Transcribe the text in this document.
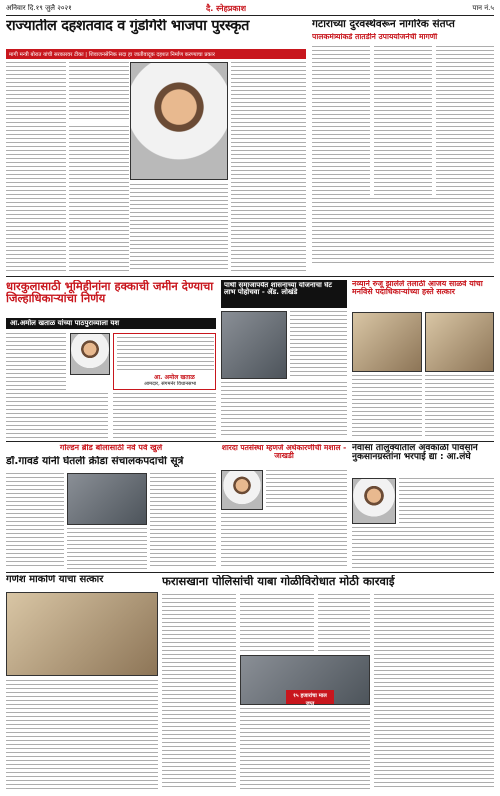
अनिवार दि.१९ जुलै २०२१	दै. स्नेहप्रकाश	पान नं.५
राज्यातील दहशतवाद व गुंडगिरी भाजपा पुरस्कृत
मागी मन्त्री बोरात यांची सरकारवर टीका | शिवाजनसेनिक सदा हा जातीवादूक दहशत निर्माण करण्याचा प्रकार
गटाराच्या दुरवस्थेवरून नागरिक संतप्त
पालकमंत्र्यांकडे तातडीने उपाययोजनेची मागणी
धारकुलासाठी भूमिहीनांना हक्काची जमीन देण्याचा जिल्हाधिकाऱ्यांचा निर्णय
आ.अमोल खताळ यांच्या पाठपुराव्याला यश
आ. अमोल खताळ
आमदार, संगमनेर विधानसभा
पाथी समाजापर्यंत शासनाच्या योजनांचा घेट लाभ पोहोचवा - ॲड. लोखंडे
नव्याने रुजू झालेले तलाठी आजय साळवे यांचा मनविसे पदाधिकाऱ्यांच्या हस्ते सत्कार
गोल्डन ब्रीड बोलासाठी नवे पर्व खुले
डॉ.गावडे यांनी घेतली क्रीडा संचालकपदाची सूत्रे
शारदा पतसंस्था म्हणजे अर्थकारणीची मशाल - जाखडी
नेवासा तालुक्यातील अवकाळी पावसाने नुकसानग्रस्तांना भरपाई द्या : आ.लंघे
गणेश माकोणे यांचा सत्कार	फरासखाना पोलिसांची याबा गोळीविरोधात मोठी कारवाई
१५ हजारांचा माल जप्त
